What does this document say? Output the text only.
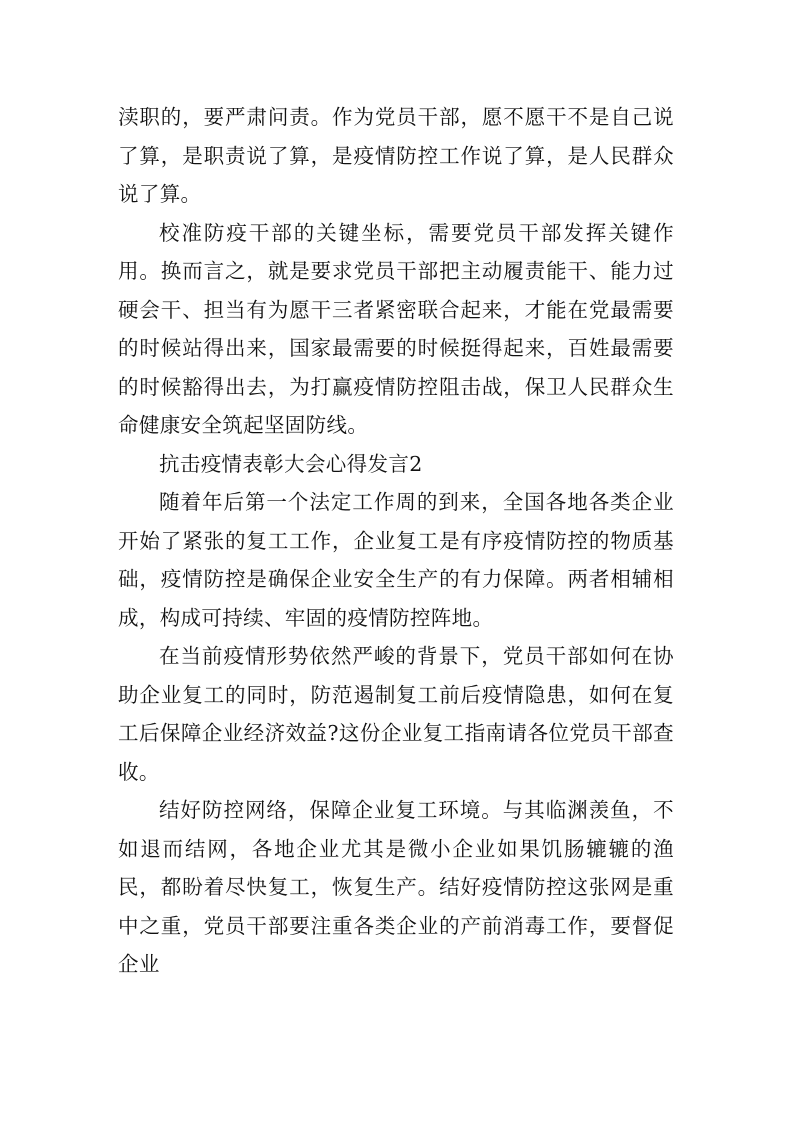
渎职的，要严肃问责。作为党员干部，愿不愿干不是自己说了算，是职责说了算，是疫情防控工作说了算，是人民群众说了算。

校准防疫干部的关键坐标，需要党员干部发挥关键作用。换而言之，就是要求党员干部把主动履责能干、能力过硬会干、担当有为愿干三者紧密联合起来，才能在党最需要的时候站得出来，国家最需要的时候挺得起来，百姓最需要的时候豁得出去，为打赢疫情防控阻击战，保卫人民群众生命健康安全筑起坚固防线。

抗击疫情表彰大会心得发言2

随着年后第一个法定工作周的到来，全国各地各类企业开始了紧张的复工工作，企业复工是有序疫情防控的物质基础，疫情防控是确保企业安全生产的有力保障。两者相辅相成，构成可持续、牢固的疫情防控阵地。

在当前疫情形势依然严峻的背景下，党员干部如何在协助企业复工的同时，防范遏制复工前后疫情隐患，如何在复工后保障企业经济效益?这份企业复工指南请各位党员干部查收。

结好防控网络，保障企业复工环境。与其临渊羡鱼，不如退而结网，各地企业尤其是微小企业如果饥肠辘辘的渔民，都盼着尽快复工，恢复生产。结好疫情防控这张网是重中之重，党员干部要注重各类企业的产前消毒工作，要督促企业
